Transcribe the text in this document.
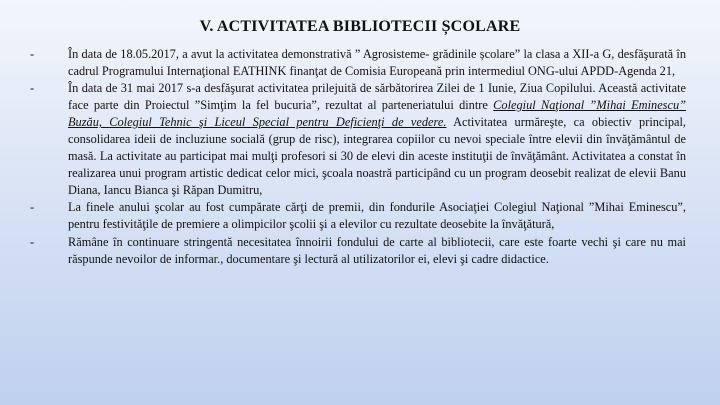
V. ACTIVITATEA BIBLIOTECII ȘCOLARE
-	În data de 18.05.2017, a avut la activitatea demonstrativă ” Agrosisteme- grădinile școlare” la clasa a XII-a G, desfăşurată în cadrul Programului Internaţional EATHINK finanţat de Comisia Europeană prin intermediul ONG-ului APDD-Agenda 21,
-	În data de 31 mai 2017 s-a desfăşurat activitatea prilejuită de sărbătorirea Zilei de 1 Iunie, Ziua Copilului. Această activitate face parte din Proiectul ”Simţim la fel bucuria”, rezultat al parteneriatului dintre Colegiul Naţional ”Mihai Eminescu” Buzău, Colegiul Tehnic şi Liceul Special pentru Deficienţi de vedere. Activitatea urmăreşte, ca obiectiv principal, consolidarea ideii de incluziune socială (grup de risc), integrarea copiilor cu nevoi speciale între elevii din învăţământul de masă. La activitate au participat mai mulţi profesori si 30 de elevi din aceste instituţii de învăţământ. Activitatea a constat în realizarea unui program artistic dedicat celor mici, şcoala noastră participând cu un program deosebit realizat de elevii Banu Diana, Iancu Bianca şi Răpan Dumitru,
-	La finele anului şcolar au fost cumpărate cărţi de premii, din fondurile Asociaţiei Colegiul Naţional ”Mihai Eminescu”, pentru festivităţile de premiere a olimpicilor şcolii şi a elevilor cu rezultate deosebite la învăţătură,
-	Rămâne în continuare stringentă necesitatea înnoirii fondului de carte al bibliotecii, care este foarte vechi şi care nu mai răspunde nevoilor de informar., documentare şi lectură al utilizatorilor ei, elevi şi cadre didactice.
